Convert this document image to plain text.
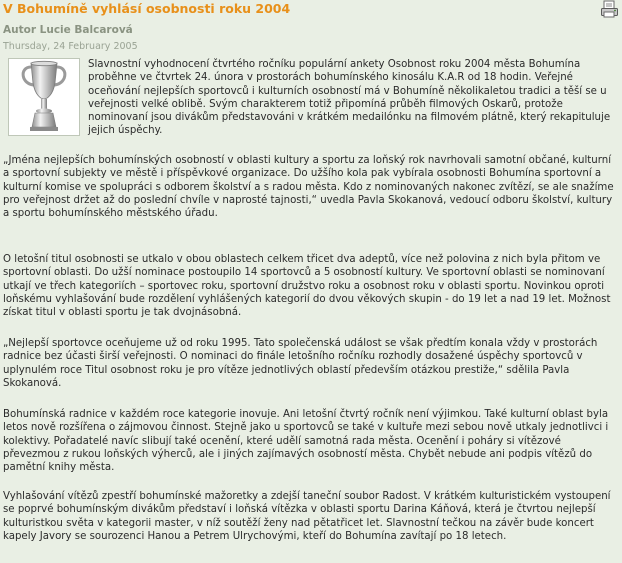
V Bohumíně vyhlásí osobnosti roku 2004
Autor Lucie Balcarová
Thursday, 24 February 2005

Slavnostní vyhodnocení čtvrtého ročníku populární ankety Osobnost roku 2004 města Bohumína proběhne ve čtvrtek 24. února v prostorách bohumínského kinosálu K.A.R od 18 hodin. Veřejné oceňování nejlepších sportovců i kulturních osobností má v Bohumíně několikaletou tradici a těší se u veřejnosti velké oblibě. Svým charakterem totiž připomíná průběh filmových Oskarů, protože nominovaní jsou divákům představováni v krátkém medailónku na filmovém plátně, který rekapituluje jejich úspěchy.

„Jména nejlepších bohumínských osobností v oblasti kultury a sportu za loňský rok navrhovali samotní občané, kulturní a sportovní subjekty ve městě i příspěvkové organizace. Do užšího kola pak vybírala osobnosti Bohumína sportovní a kulturní komise ve spolupráci s odborem školství a s radou města. Kdo z nominovaných nakonec zvítězí, se ale snažíme pro veřejnost držet až do poslední chvíle v naprosté tajnosti,“ uvedla Pavla Skokanová, vedoucí odboru školství, kultury a sportu bohumínského městského úřadu.

O letošní titul osobnosti se utkalo v obou oblastech celkem třicet dva adeptů, více než polovina z nich byla přitom ve sportovní oblasti. Do užší nominace postoupilo 14 sportovců a 5 osobností kultury. Ve sportovní oblasti se nominovaní utkají ve třech kategoriích – sportovec roku, sportovní družstvo roku a osobnost roku v oblasti sportu. Novinkou oproti loňskému vyhlašování bude rozdělení vyhlášených kategorií do dvou věkových skupin - do 19 let a nad 19 let. Možnost získat titul v oblasti sportu je tak dvojnásobná.

„Nejlepší sportovce oceňujeme už od roku 1995. Tato společenská událost se však předtím konala vždy v prostorách radnice bez účasti širší veřejnosti. O nominaci do finále letošního ročníku rozhodly dosažené úspěchy sportovců v uplynulém roce Titul osobnost roku je pro vítěze jednotlivých oblastí především otázkou prestiže,“ sdělila Pavla Skokanová.

Bohumínská radnice v každém roce kategorie inovuje. Ani letošní čtvrtý ročník není výjimkou. Také kulturní oblast byla letos nově rozšířena o zájmovou činnost. Stejně jako u sportovců se také v kultuře mezi sebou nově utkaly jednotlivci i kolektivy. Pořadatelé navíc slibují také ocenění, které udělí samotná rada města. Ocenění i poháry si vítězové převezmou z rukou loňských výherců, ale i jiných zajímavých osobností města. Chybět nebude ani podpis vítězů do pamětní knihy města.

Vyhlašování vítězů zpestří bohumínské mažoretky a zdejší taneční soubor Radost. V krátkém kulturistickém vystoupení se poprvé bohumínským divákům představí i loňská vítězka v oblasti sportu Darina Káňová, která je čtvrtou nejlepší kulturistkou světa v kategorii master, v níž soutěží ženy nad pětatřicet let. Slavnostní tečkou na závěr bude koncert kapely Javory se sourozenci Hanou a Petrem Ulrychovými, kteří do Bohumína zavítají po 18 letech.
